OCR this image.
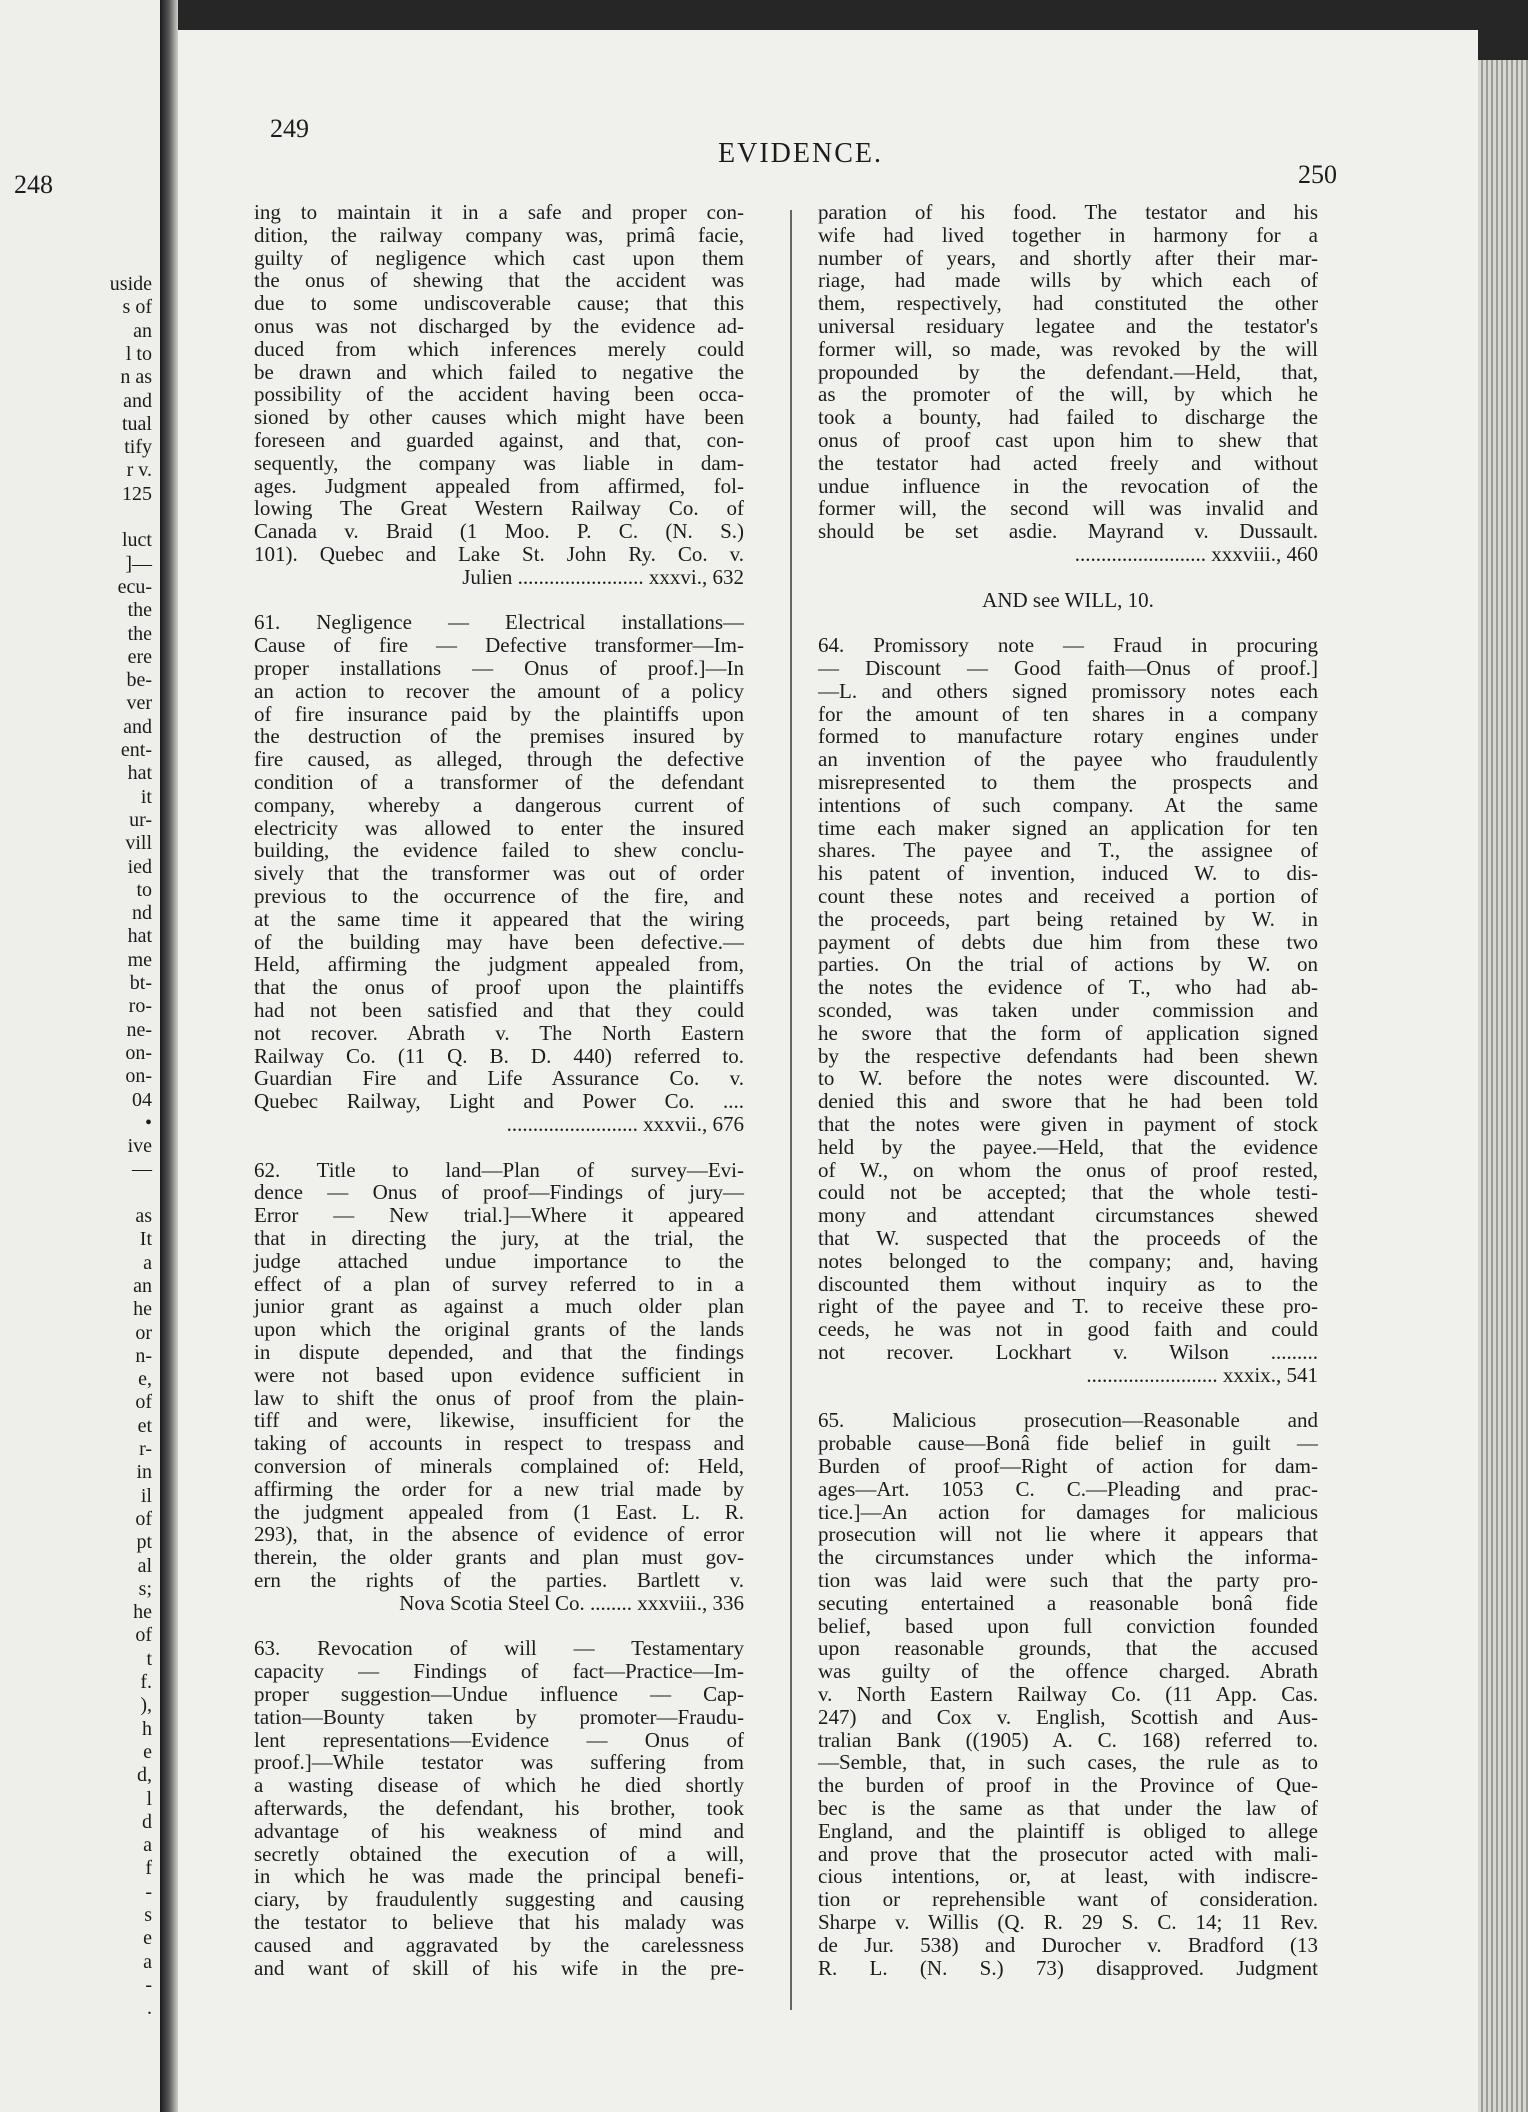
248
uside
s of
an
l to
n as
and
tual
tify
r v.
125
luct
]—
ecu-
the
the
ere
be-
ver
and
ent-
hat
it
ur-
vill
ied
to
nd
hat
me
bt-
ro-
ne-
on-
on-
04
•
ive
—
as
It
a
an
he
or
n-
e,
of
et
r-
in
il
of
pt
al
s;
he
of
t
f.
),
h
e
d,
l
d
a
f
-
s
e
a
-
.
249
EVIDENCE.
250
ing to maintain it in a safe and proper con-
dition, the railway company was, primâ facie,
guilty of negligence which cast upon them
the onus of shewing that the accident was
due to some undiscoverable cause; that this
onus was not discharged by the evidence ad-
duced from which inferences merely could
be drawn and which failed to negative the
possibility of the accident having been occa-
sioned by other causes which might have been
foreseen and guarded against, and that, con-
sequently, the company was liable in dam-
ages. Judgment appealed from affirmed, fol-
lowing The Great Western Railway Co. of
Canada v. Braid (1 Moo. P. C. (N. S.)
101). Quebec and Lake St. John Ry. Co. v.
Julien ........................ xxxvi., 632
61. Negligence — Electrical installations—
Cause of fire — Defective transformer—Im-
proper installations — Onus of proof.]—In
an action to recover the amount of a policy
of fire insurance paid by the plaintiffs upon
the destruction of the premises insured by
fire caused, as alleged, through the defective
condition of a transformer of the defendant
company, whereby a dangerous current of
electricity was allowed to enter the insured
building, the evidence failed to shew conclu-
sively that the transformer was out of order
previous to the occurrence of the fire, and
at the same time it appeared that the wiring
of the building may have been defective.—
Held, affirming the judgment appealed from,
that the onus of proof upon the plaintiffs
had not been satisfied and that they could
not recover. Abrath v. The North Eastern
Railway Co. (11 Q. B. D. 440) referred to.
Guardian Fire and Life Assurance Co. v.
Quebec Railway, Light and Power Co. ....
......................... xxxvii., 676
62. Title to land—Plan of survey—Evi-
dence — Onus of proof—Findings of jury—
Error — New trial.]—Where it appeared
that in directing the jury, at the trial, the
judge attached undue importance to the
effect of a plan of survey referred to in a
junior grant as against a much older plan
upon which the original grants of the lands
in dispute depended, and that the findings
were not based upon evidence sufficient in
law to shift the onus of proof from the plain-
tiff and were, likewise, insufficient for the
taking of accounts in respect to trespass and
conversion of minerals complained of: Held,
affirming the order for a new trial made by
the judgment appealed from (1 East. L. R.
293), that, in the absence of evidence of error
therein, the older grants and plan must gov-
ern the rights of the parties. Bartlett v.
Nova Scotia Steel Co. ........ xxxviii., 336
63. Revocation of will — Testamentary
capacity — Findings of fact—Practice—Im-
proper suggestion—Undue influence — Cap-
tation—Bounty taken by promoter—Fraudu-
lent representations—Evidence — Onus of
proof.]—While testator was suffering from
a wasting disease of which he died shortly
afterwards, the defendant, his brother, took
advantage of his weakness of mind and
secretly obtained the execution of a will,
in which he was made the principal benefi-
ciary, by fraudulently suggesting and causing
the testator to believe that his malady was
caused and aggravated by the carelessness
and want of skill of his wife in the pre-
paration of his food. The testator and his
wife had lived together in harmony for a
number of years, and shortly after their mar-
riage, had made wills by which each of
them, respectively, had constituted the other
universal residuary legatee and the testator's
former will, so made, was revoked by the will
propounded by the defendant.—Held, that,
as the promoter of the will, by which he
took a bounty, had failed to discharge the
onus of proof cast upon him to shew that
the testator had acted freely and without
undue influence in the revocation of the
former will, the second will was invalid and
should be set asdie. Mayrand v. Dussault.
......................... xxxviii., 460
AND see WILL, 10.
64. Promissory note — Fraud in procuring
— Discount — Good faith—Onus of proof.]
—L. and others signed promissory notes each
for the amount of ten shares in a company
formed to manufacture rotary engines under
an invention of the payee who fraudulently
misrepresented to them the prospects and
intentions of such company. At the same
time each maker signed an application for ten
shares. The payee and T., the assignee of
his patent of invention, induced W. to dis-
count these notes and received a portion of
the proceeds, part being retained by W. in
payment of debts due him from these two
parties. On the trial of actions by W. on
the notes the evidence of T., who had ab-
sconded, was taken under commission and
he swore that the form of application signed
by the respective defendants had been shewn
to W. before the notes were discounted. W.
denied this and swore that he had been told
that the notes were given in payment of stock
held by the payee.—Held, that the evidence
of W., on whom the onus of proof rested,
could not be accepted; that the whole testi-
mony and attendant circumstances shewed
that W. suspected that the proceeds of the
notes belonged to the company; and, having
discounted them without inquiry as to the
right of the payee and T. to receive these pro-
ceeds, he was not in good faith and could
not recover. Lockhart v. Wilson .........
......................... xxxix., 541
65. Malicious prosecution—Reasonable and
probable cause—Bonâ fide belief in guilt —
Burden of proof—Right of action for dam-
ages—Art. 1053 C. C.—Pleading and prac-
tice.]—An action for damages for malicious
prosecution will not lie where it appears that
the circumstances under which the informa-
tion was laid were such that the party pro-
secuting entertained a reasonable bonâ fide
belief, based upon full conviction founded
upon reasonable grounds, that the accused
was guilty of the offence charged. Abrath
v. North Eastern Railway Co. (11 App. Cas.
247) and Cox v. English, Scottish and Aus-
tralian Bank ((1905) A. C. 168) referred to.
—Semble, that, in such cases, the rule as to
the burden of proof in the Province of Que-
bec is the same as that under the law of
England, and the plaintiff is obliged to allege
and prove that the prosecutor acted with mali-
cious intentions, or, at least, with indiscre-
tion or reprehensible want of consideration.
Sharpe v. Willis (Q. R. 29 S. C. 14; 11 Rev.
de Jur. 538) and Durocher v. Bradford (13
R. L. (N. S.) 73) disapproved. Judgment
